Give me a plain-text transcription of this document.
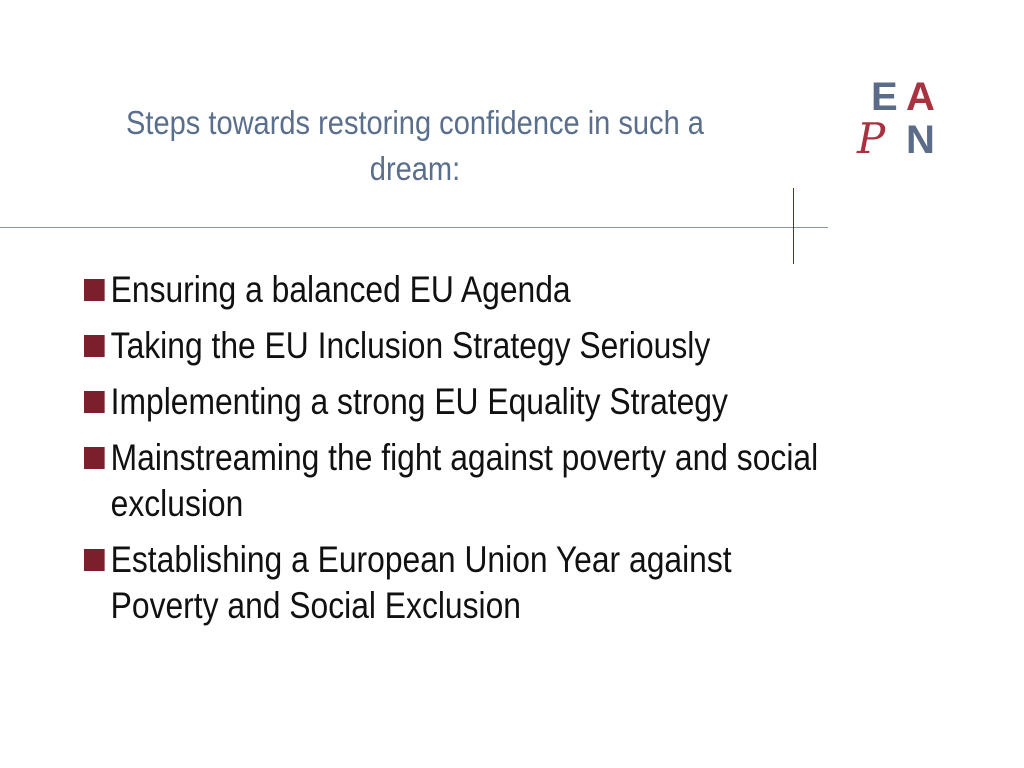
Steps towards restoring confidence in such a dream:
E A
P N
Ensuring a balanced EU Agenda
Taking the EU Inclusion Strategy Seriously
Implementing a strong EU Equality Strategy
Mainstreaming the fight against poverty and social exclusion
Establishing a European Union Year against Poverty and Social Exclusion
